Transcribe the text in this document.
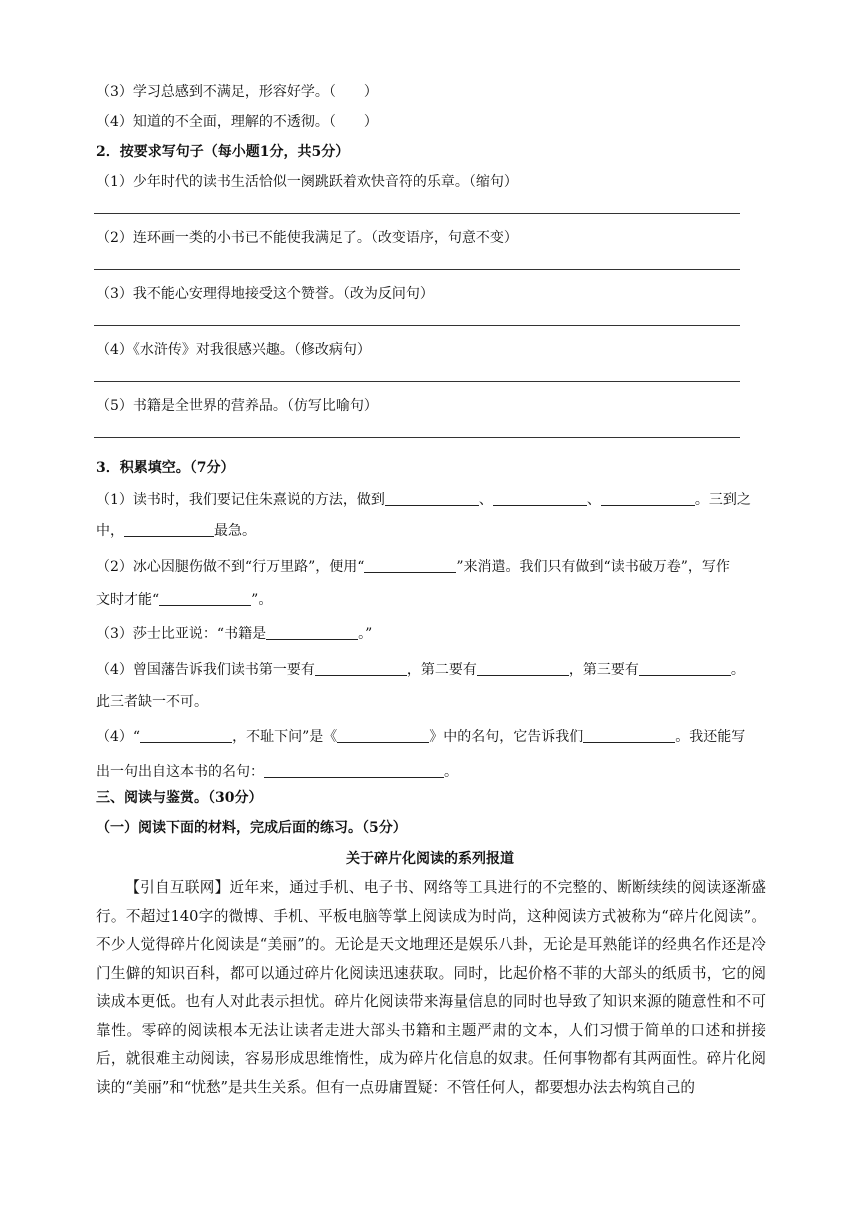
（3）学习总感到不满足，形容好学。（　　）
（4）知道的不全面，理解的不透彻。（　　）
2．按要求写句子（每小题1分，共5分）
（1）少年时代的读书生活恰似一阕跳跃着欢快音符的乐章。（缩句）
（2）连环画一类的小书已不能使我满足了。（改变语序，句意不变）
（3）我不能心安理得地接受这个赞誉。（改为反问句）
（4）《水浒传》对我很感兴趣。（修改病句）
（5）书籍是全世界的营养品。（仿写比喻句）
3．积累填空。（7分）
（1）读书时，我们要记住朱熹说的方法，做到	、	、	。三到之
中，	最急。
（2）冰心因腿伤做不到“行万里路”，便用“	”来消遣。我们只有做到“读书破万卷”，写作
文时才能“	”。
（3）莎士比亚说：“书籍是	。”
（4）曾国藩告诉我们读书第一要有	，第二要有	，第三要有	。
此三者缺一不可。
（4）“	，不耻下问”是《	》中的名句，它告诉我们	。我还能写
出一句出自这本书的名句：	。
三、阅读与鉴赏。（30分）
（一）阅读下面的材料，完成后面的练习。（5分）
关于碎片化阅读的系列报道

【引自互联网】近年来，通过手机、电子书、网络等工具进行的不完整的、断断续续的阅读逐渐盛行。不超过140字的微博、手机、平板电脑等掌上阅读成为时尚，这种阅读方式被称为“碎片化阅读”。不少人觉得碎片化阅读是“美丽”的。无论是天文地理还是娱乐八卦，无论是耳熟能详的经典名作还是冷门生僻的知识百科，都可以通过碎片化阅读迅速获取。同时，比起价格不菲的大部头的纸质书，它的阅读成本更低。也有人对此表示担忧。碎片化阅读带来海量信息的同时也导致了知识来源的随意性和不可靠性。零碎的阅读根本无法让读者走进大部头书籍和主题严肃的文本，人们习惯于简单的口述和拼接后，就很难主动阅读，容易形成思维惰性，成为碎片化信息的奴隶。任何事物都有其两面性。碎片化阅读的“美丽”和“忧愁”是共生关系。但有一点毋庸置疑：不管任何人，都要想办法去构筑自己的
